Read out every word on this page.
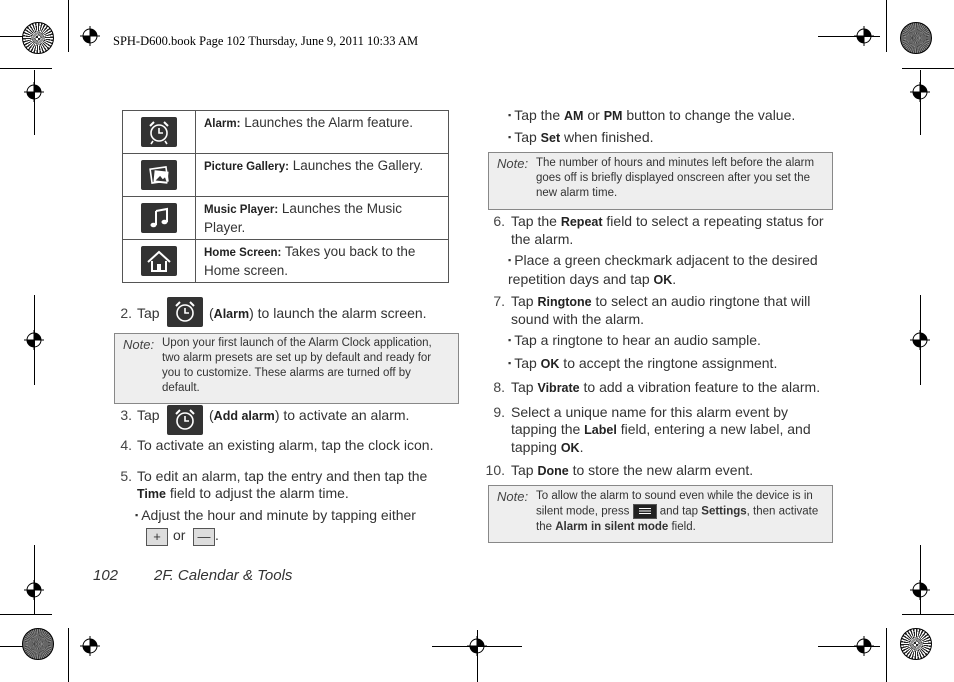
SPH-D600.book Page 102 Thursday, June 9, 2011 10:33 AM
	Alarm: Launches the Alarm feature.

	Picture Gallery: Launches the Gallery.

	Music Player: Launches the Music Player.

	Home Screen: Takes you back to the Home screen.
2. Tap	(Alarm) to launch the alarm screen.
Note: Upon your first launch of the Alarm Clock application, two alarm presets are set up by default and ready for you to customize. These alarms are turned off by default.
3. Tap	(Add alarm) to activate an alarm.
4. To activate an existing alarm, tap the clock icon.
5. To edit an alarm, tap the entry and then tap the Time field to adjust the alarm time.
▪ Adjust the hour and minute by tapping either
+ or — .
▪ Tap the AM or PM button to change the value.
▪ Tap Set when finished.
Note: The number of hours and minutes left before the alarm goes off is briefly displayed onscreen after you set the new alarm time.
6. Tap the Repeat field to select a repeating status for the alarm.
▪ Place a green checkmark adjacent to the desired repetition days and tap OK.
7. Tap Ringtone to select an audio ringtone that will sound with the alarm.
▪ Tap a ringtone to hear an audio sample.
▪ Tap OK to accept the ringtone assignment.
8. Tap Vibrate to add a vibration feature to the alarm.
9. Select a unique name for this alarm event by tapping the Label field, entering a new label, and tapping OK.
10. Tap Done to store the new alarm event.
Note: To allow the alarm to sound even while the device is in silent mode, press  and tap Settings, then activate the Alarm in silent mode field.
102 2F. Calendar & Tools
